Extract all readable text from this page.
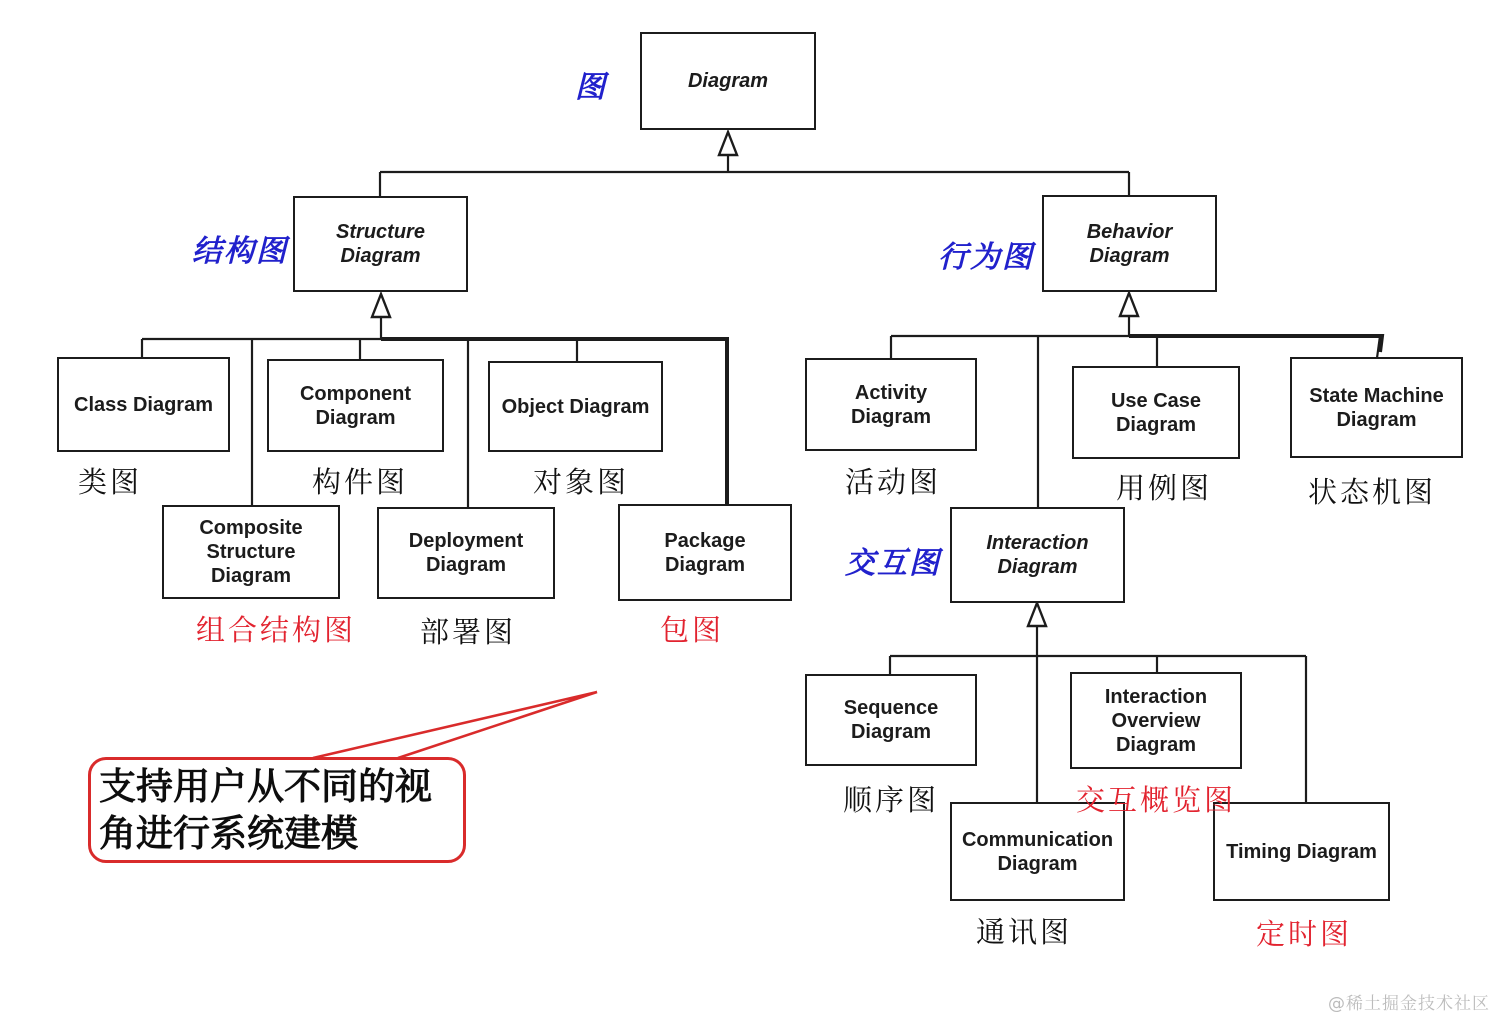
Diagram
Structure Diagram
Behavior Diagram
Class Diagram	Component Diagram	Object Diagram
Composite Structure Diagram
Deployment Diagram
Package Diagram
Activity Diagram
Use Case Diagram
State Machine Diagram
Interaction Diagram
Sequence Diagram
Interaction Overview Diagram
Communication Diagram
Timing Diagram
图
结构图	行为图
交互图
类图	构件图	对象图
组合结构图 部署图	包图
活动图	用例图	状态机图
顺序图	交互概览图
通讯图	定时图
支持用户从不同的视
角进行系统建模
@稀土掘金技术社区
